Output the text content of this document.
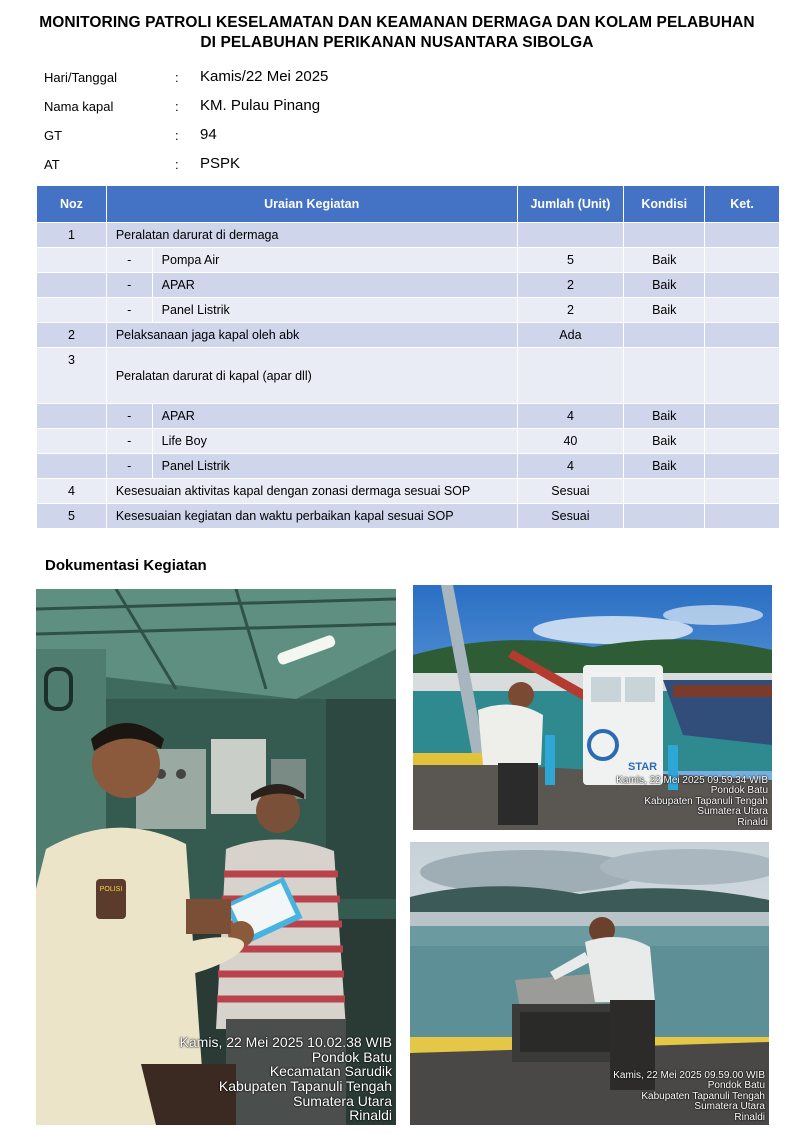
MONITORING PATROLI KESELAMATAN DAN KEAMANAN DERMAGA DAN KOLAM PELABUHAN
DI PELABUHAN PERIKANAN NUSANTARA SIBOLGA
Hari/Tanggal	: Kamis/22 Mei 2025
Nama kapal	: KM. Pulau Pinang
GT	: 94
AT	: PSPK
Noz	Uraian Kegiatan		Jumlah (Unit)	Kondisi	Ket.
1	Peralatan darurat di dermaga				
	-	Pompa Air	5	Baik	
	-	APAR	2	Baik	
	-	Panel Listrik	2	Baik	
2	Pelaksanaan jaga kapal oleh abk		Ada		
3	Peralatan darurat di kapal (apar dll)				
	-	APAR	4	Baik	
	-	Life Boy	40	Baik	
	-	Panel Listrik	4	Baik	
4	Kesesuaian aktivitas kapal dengan zonasi dermaga sesuai SOP		Sesuai		
5	Kesesuaian kegiatan dan waktu perbaikan kapal sesuai SOP		Sesuai		
Dokumentasi Kegiatan
POLISI
Kamis, 22 Mei 2025 10.02.38 WIB
Pondok Batu
Kecamatan Sarudik
Kabupaten Tapanuli Tengah
Sumatera Utara
Rinaldi
STAR
Kamis, 22 Mei 2025 09.59.34 WIB
Pondok Batu
Kabupaten Tapanuli Tengah
Sumatera Utara
Rinaldi
Kamis, 22 Mei 2025 09.59.00 WIB
Pondok Batu
Kabupaten Tapanuli Tengah
Sumatera Utara
Rinaldi
